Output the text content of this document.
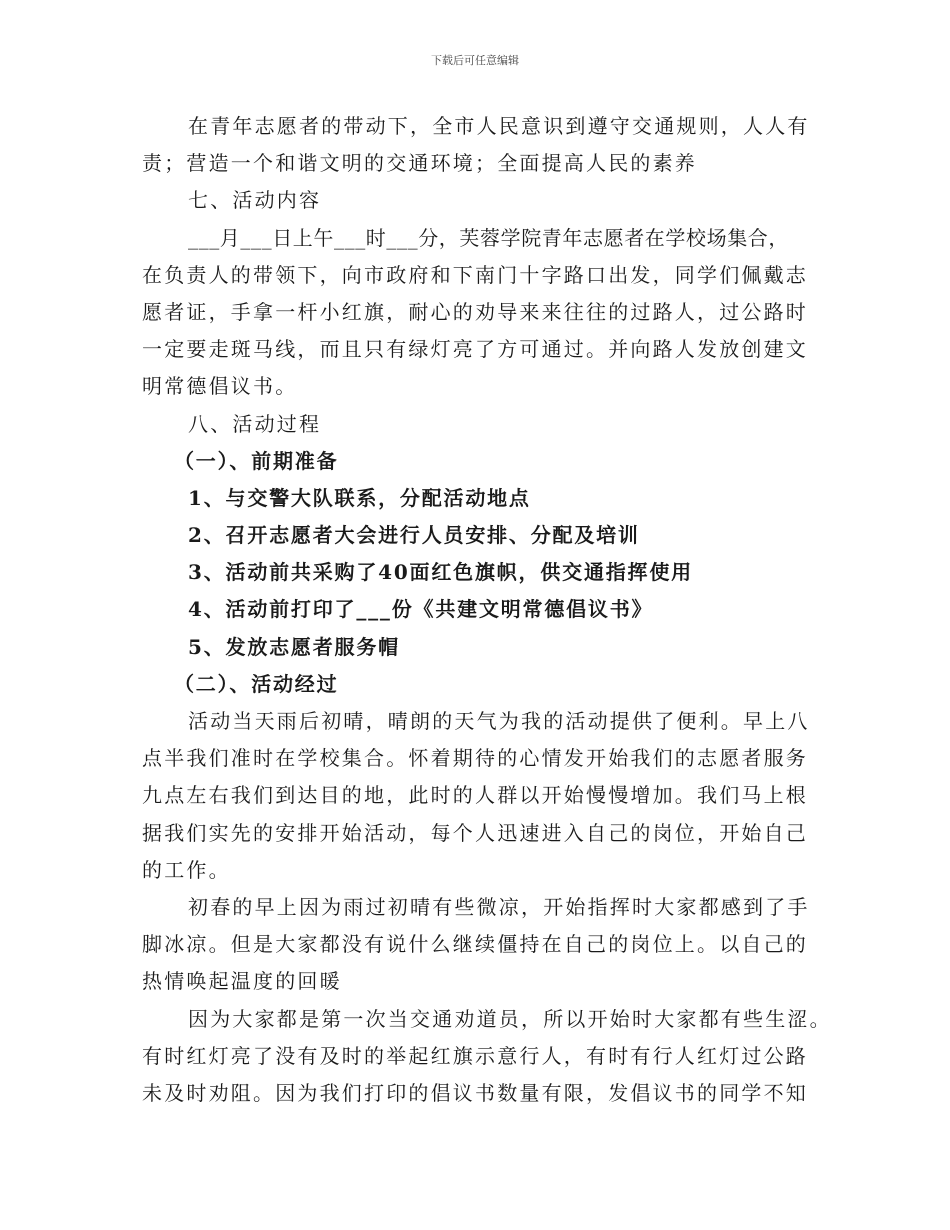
下载后可任意编辑
在青年志愿者的带动下，全市人民意识到遵守交通规则，人人有
责；营造一个和谐文明的交通环境；全面提高人民的素养
七、活动内容
___月___日上午___时___分，芙蓉学院青年志愿者在学校场集合，
在负责人的带领下，向市政府和下南门十字路口出发，同学们佩戴志
愿者证，手拿一杆小红旗，耐心的劝导来来往往的过路人，过公路时
一定要走斑马线，而且只有绿灯亮了方可通过。并向路人发放创建文
明常德倡议书。
八、活动过程
（一）、前期准备
1、与交警大队联系，分配活动地点
2、召开志愿者大会进行人员安排、分配及培训
3、活动前共采购了40面红色旗帜，供交通指挥使用
4、活动前打印了___份《共建文明常德倡议书》
5、发放志愿者服务帽
（二）、活动经过
活动当天雨后初晴，晴朗的天气为我的活动提供了便利。早上八
点半我们准时在学校集合。怀着期待的心情发开始我们的志愿者服务
九点左右我们到达目的地，此时的人群以开始慢慢增加。我们马上根
据我们实先的安排开始活动，每个人迅速进入自己的岗位，开始自己
的工作。
初春的早上因为雨过初晴有些微凉，开始指挥时大家都感到了手
脚冰凉。但是大家都没有说什么继续僵持在自己的岗位上。以自己的
热情唤起温度的回暖
因为大家都是第一次当交通劝道员，所以开始时大家都有些生涩。
有时红灯亮了没有及时的举起红旗示意行人，有时有行人红灯过公路
未及时劝阻。因为我们打印的倡议书数量有限，发倡议书的同学不知
